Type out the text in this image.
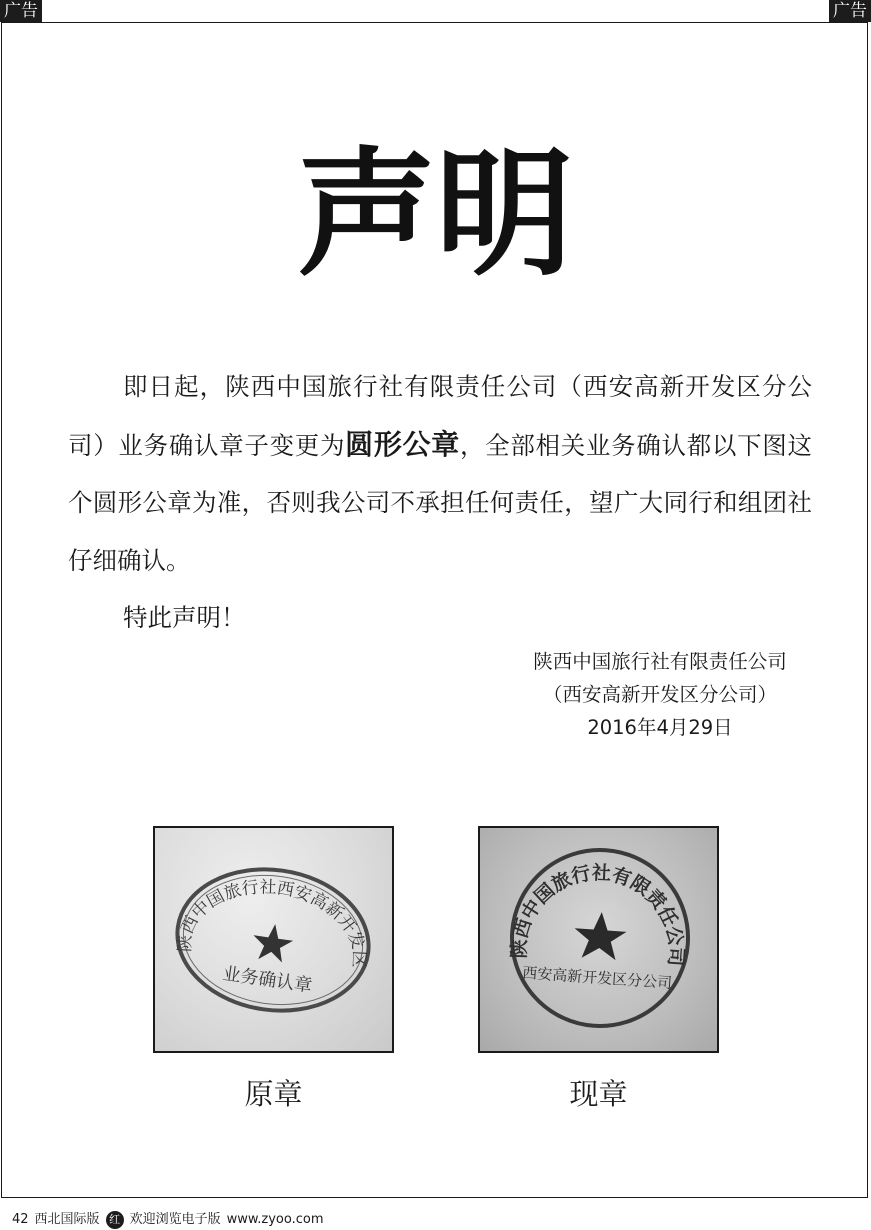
广告	广告
声明

即日起，陕西中国旅行社有限责任公司（西安高新开发区分公司）业务确认章子变更为圆形公章，全部相关业务确认都以下图这个圆形公章为准，否则我公司不承担任何责任，望广大同行和组团社仔细确认。

特此声明！

陕西中国旅行社有限责任公司
（西安高新开发区分公司）
2016年4月29日
陕西中国旅行社西安高新开发区分公司
业务确认章
原章
陕西中国旅行社有限责任公司
西安高新开发区分公司
现章
42 西北国际版 红 欢迎浏览电子版 www.zyoo.com
